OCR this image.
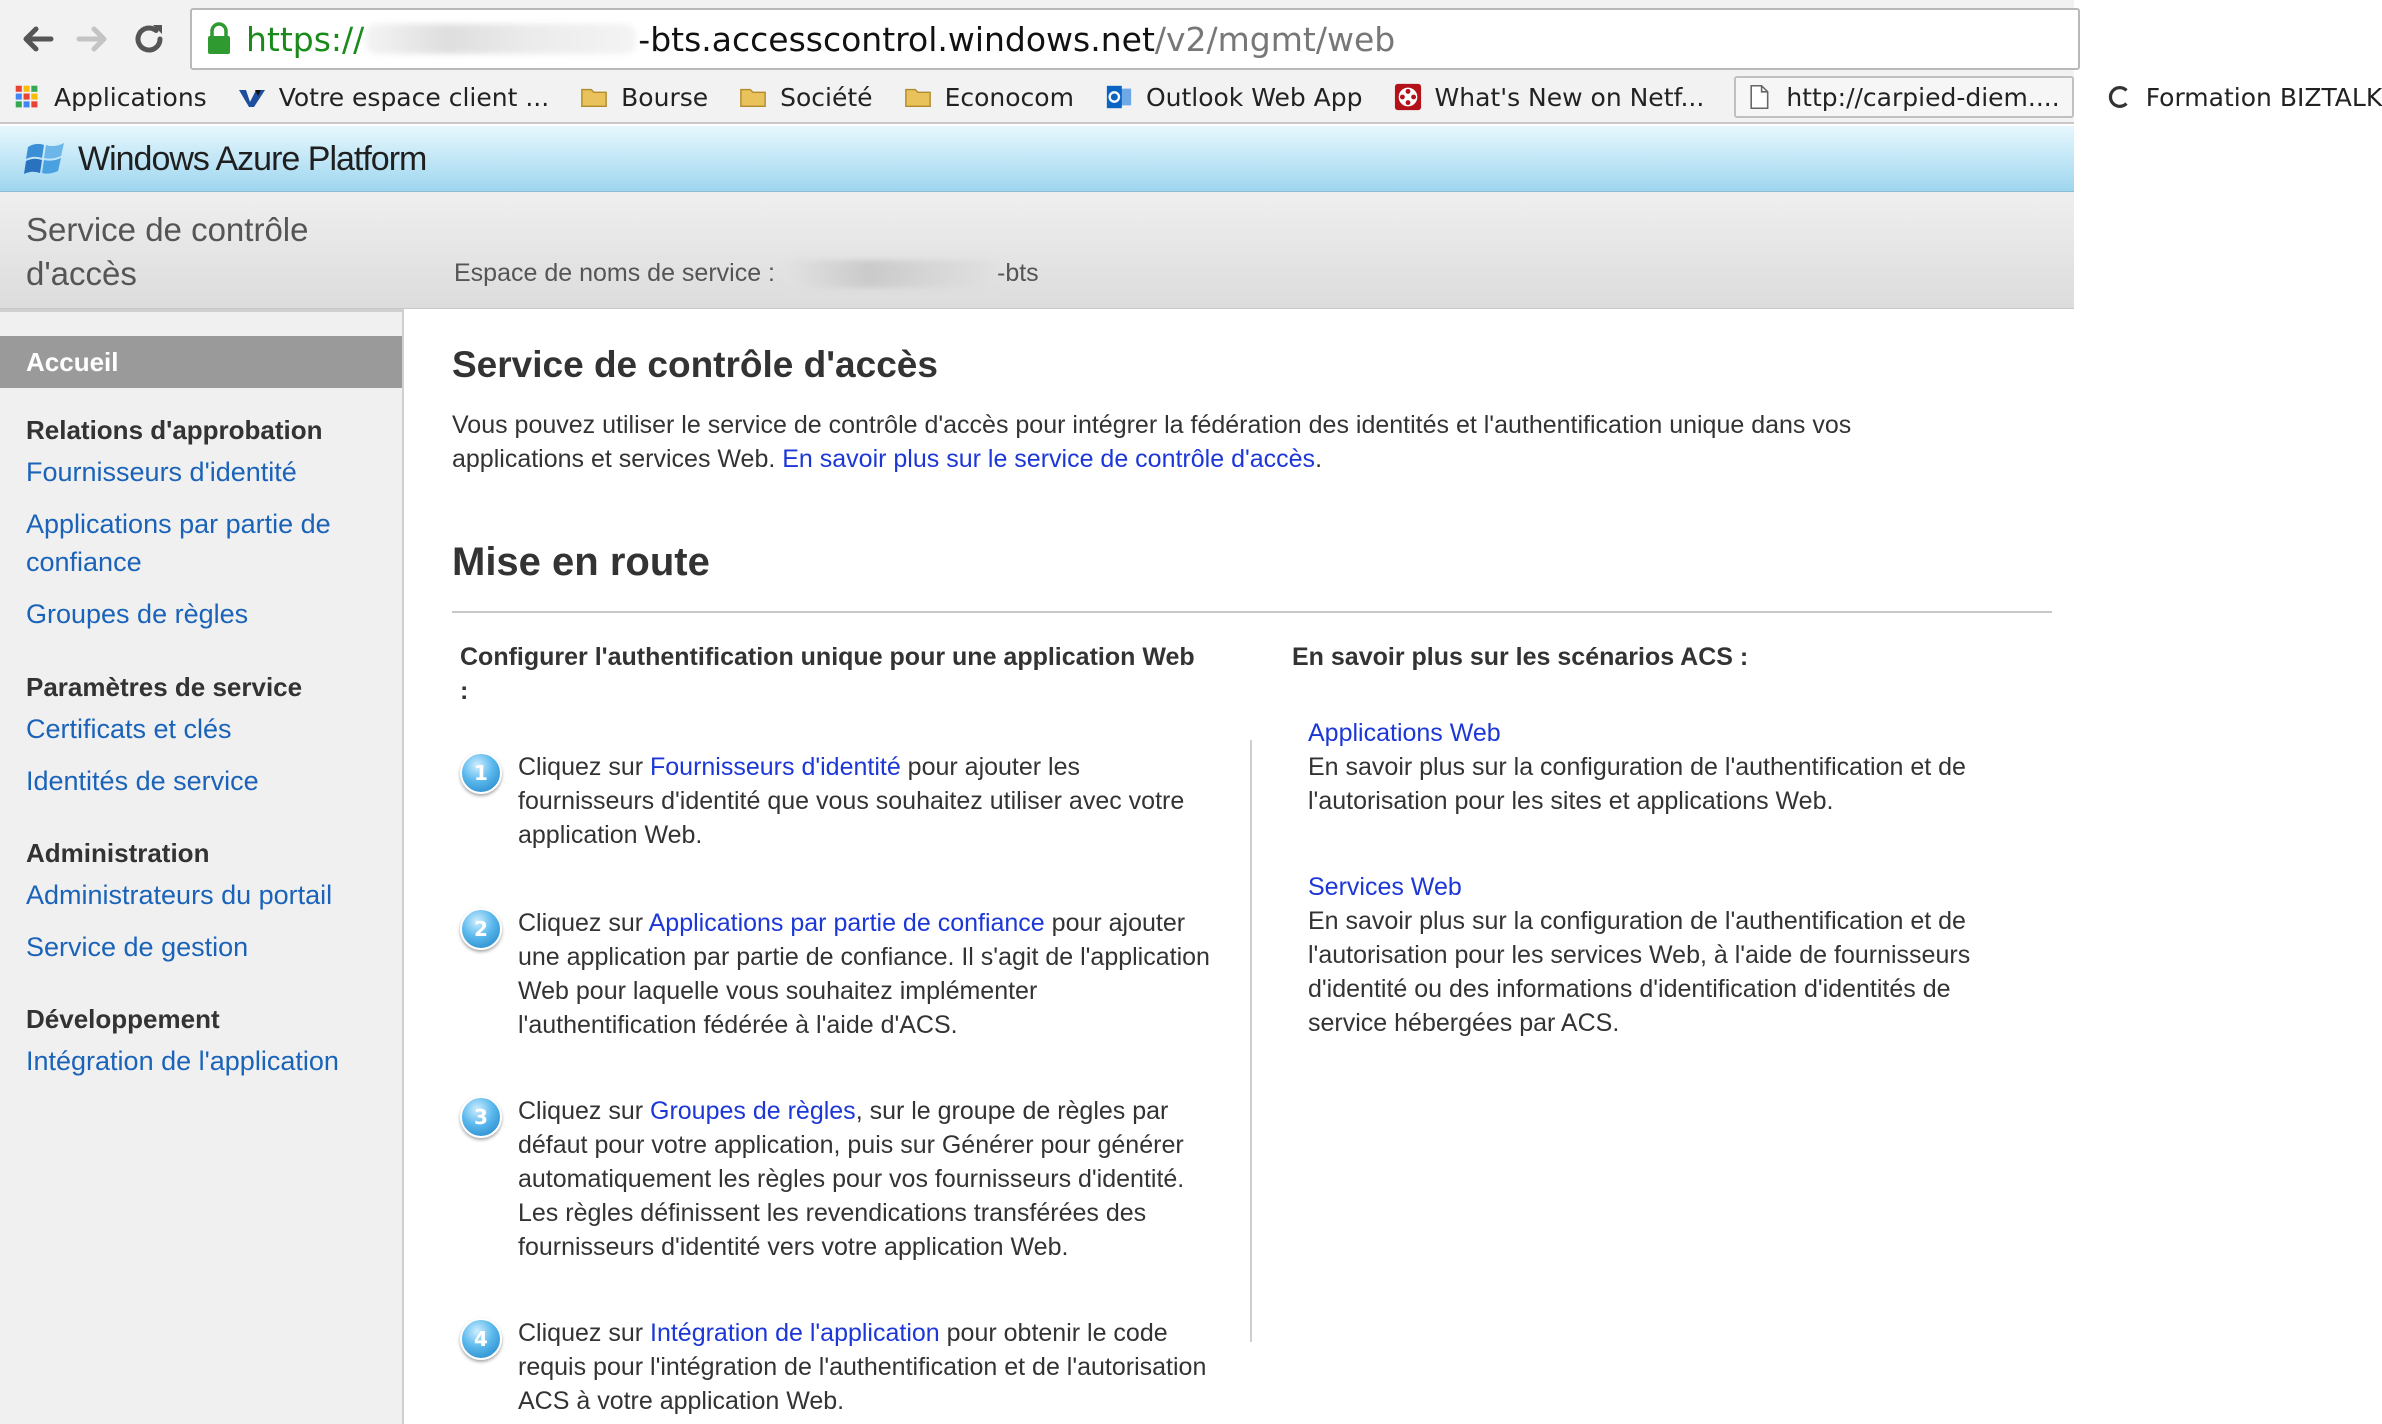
https://	-bts.accesscontrol.windows.net /v2/mgmt/web
Applications	Votre espace client ...	Bourse	Société	Econocom	Outlook Web App	What's New on Netf...	http://carpied-diem....	Formation BIZTALK
Windows Azure Platform
Service de contrôle d'accès	Espace de noms de service :	-bts
Accueil
Relations d'approbation
Fournisseurs d'identité
Applications par partie de confiance
Groupes de règles
Paramètres de service
Certificats et clés
Identités de service
Administration
Administrateurs du portail
Service de gestion
Développement
Intégration de l'application
Service de contrôle d'accès

Vous pouvez utiliser le service de contrôle d'accès pour intégrer la fédération des identités et l'authentification unique dans vos applications et services Web. En savoir plus sur le service de contrôle d'accès.

Mise en route
Configurer l'authentification unique pour une application Web :
1	Cliquez sur Fournisseurs d'identité pour ajouter les fournisseurs d'identité que vous souhaitez utiliser avec votre application Web.
2	Cliquez sur Applications par partie de confiance pour ajouter une application par partie de confiance. Il s'agit de l'application Web pour laquelle vous souhaitez implémenter l'authentification fédérée à l'aide d'ACS.
3	Cliquez sur Groupes de règles, sur le groupe de règles par défaut pour votre application, puis sur Générer pour générer automatiquement les règles pour vos fournisseurs d'identité. Les règles définissent les revendications transférées des fournisseurs d'identité vers votre application Web.
4	Cliquez sur Intégration de l'application pour obtenir le code requis pour l'intégration de l'authentification et de l'autorisation ACS à votre application Web.
En savoir plus sur les scénarios ACS :
Applications Web
En savoir plus sur la configuration de l'authentification et de l'autorisation pour les sites et applications Web.
Services Web
En savoir plus sur la configuration de l'authentification et de l'autorisation pour les services Web, à l'aide de fournisseurs d'identité ou des informations d'identification d'identités de service hébergées par ACS.
